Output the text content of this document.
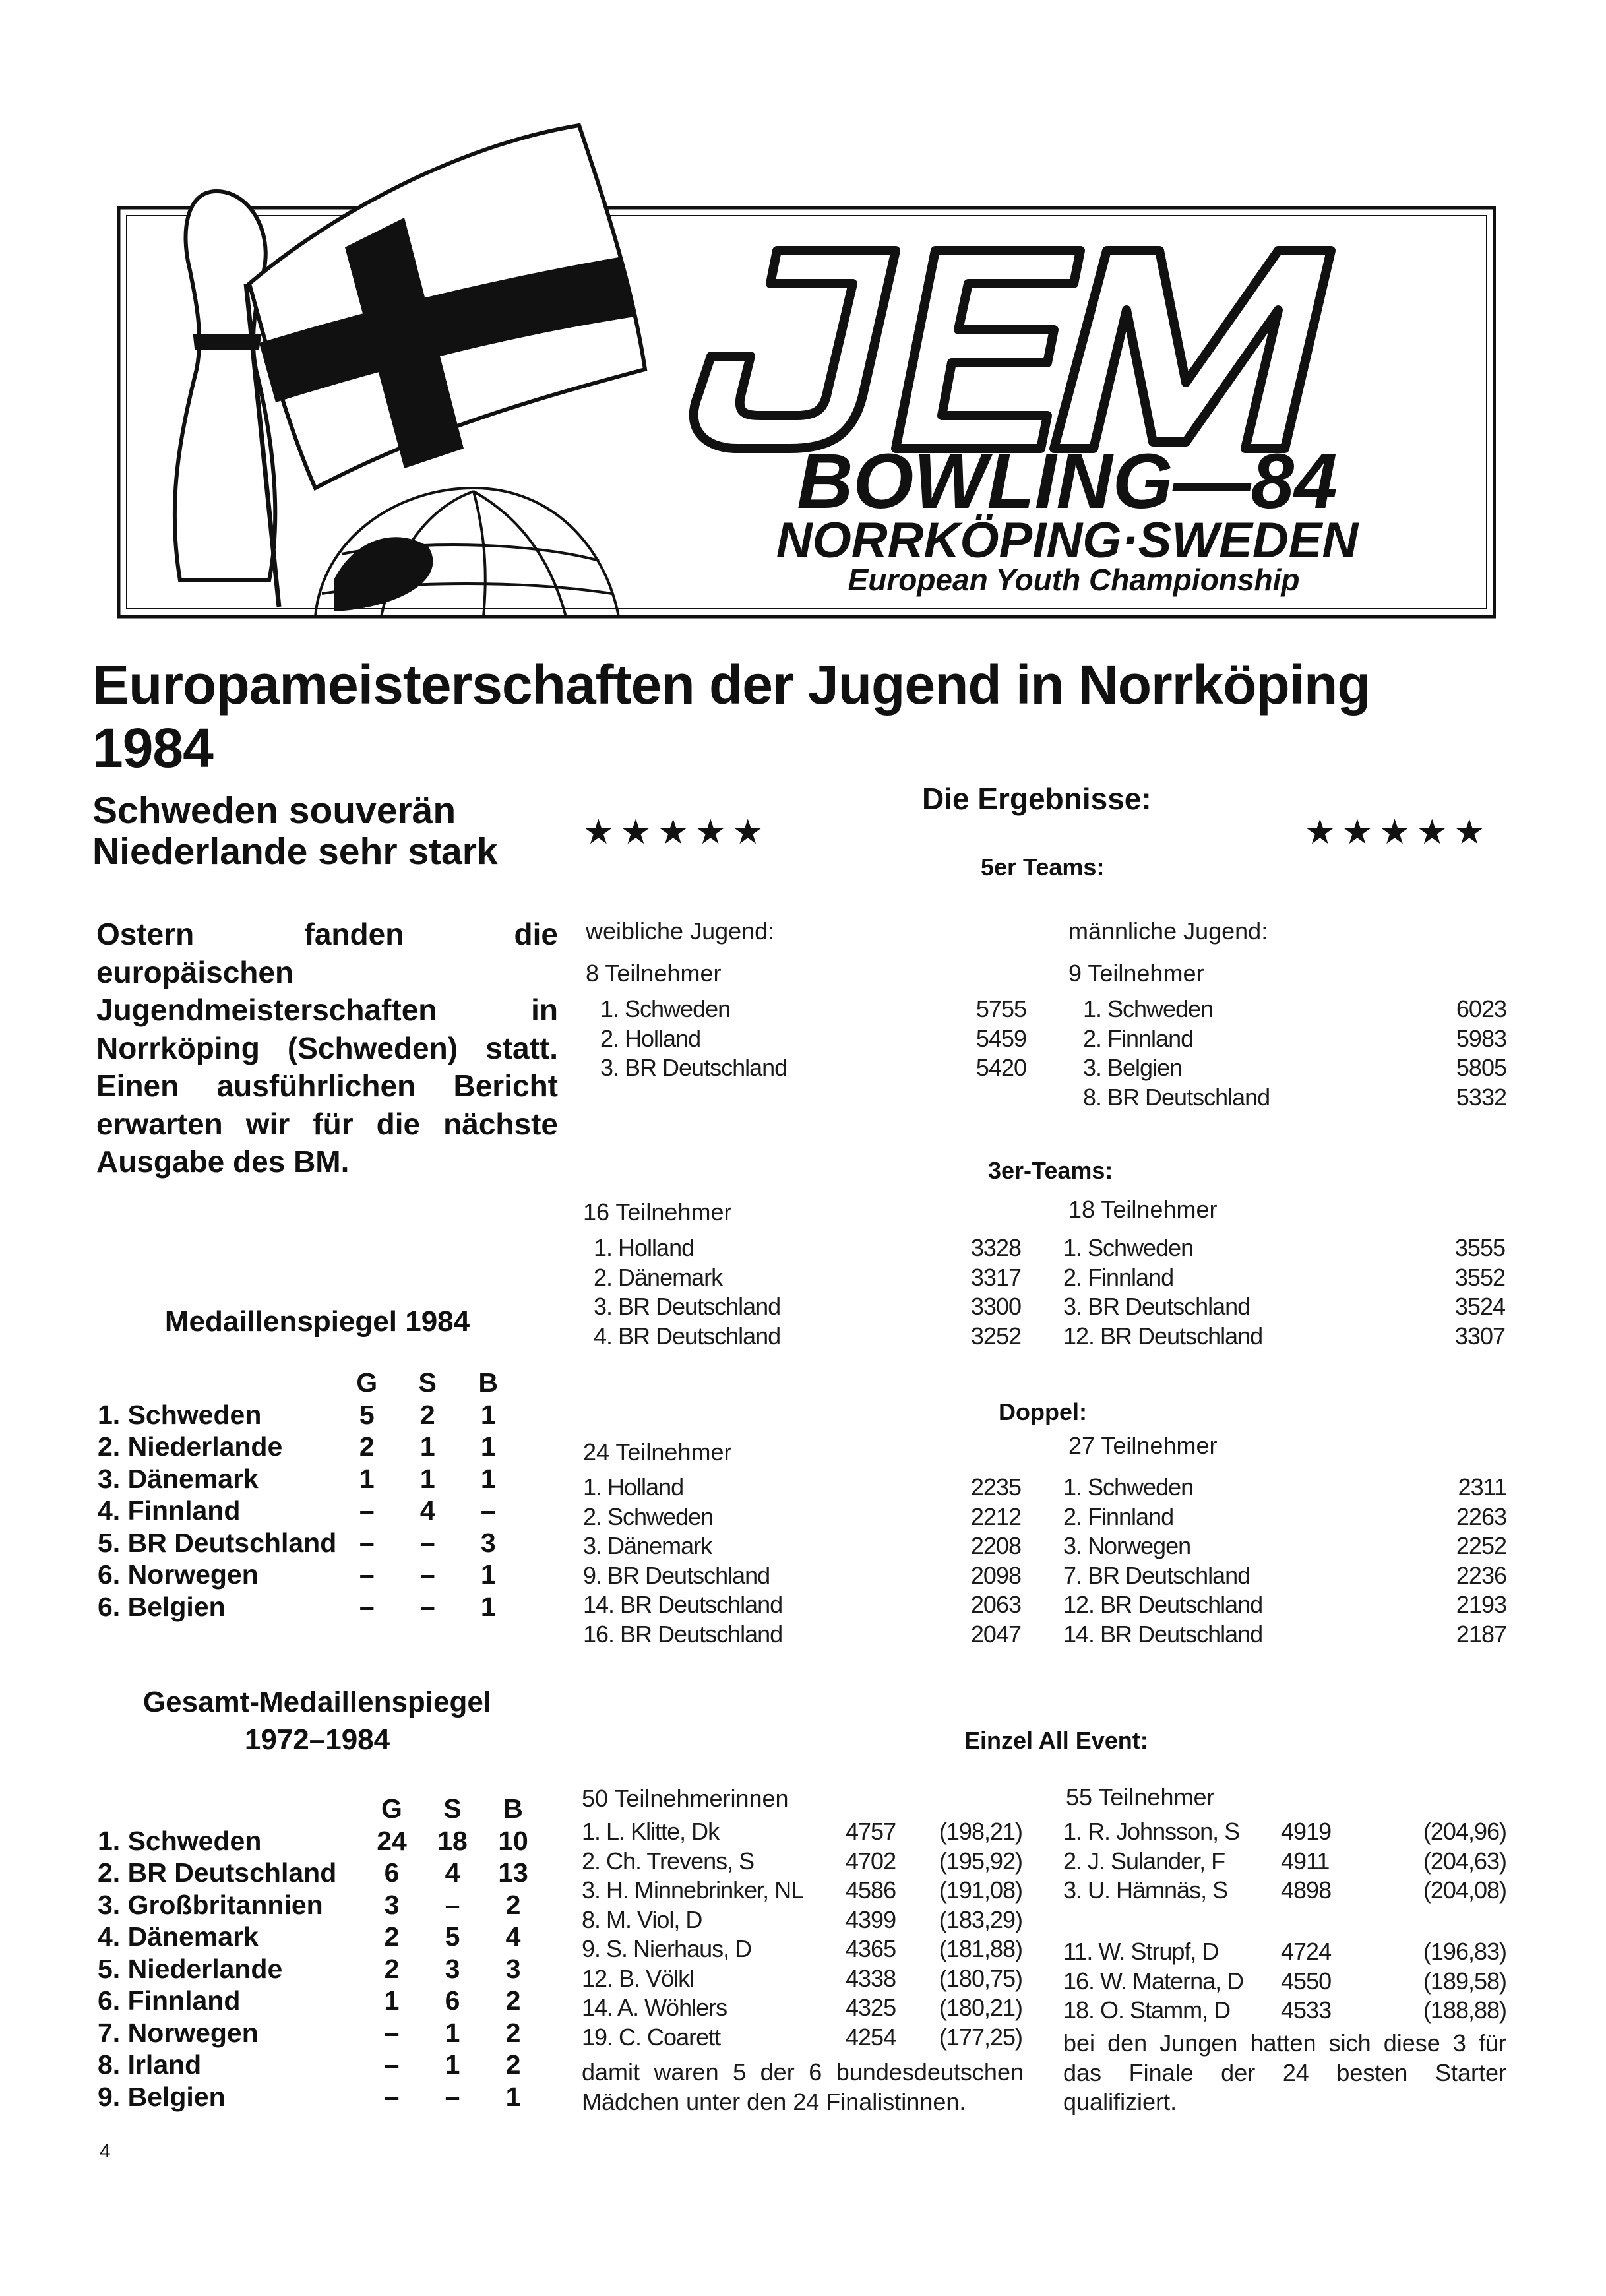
BOWLING—84
NORRKÖPING·SWEDEN
European Youth Championship
Europameisterschaften der Jugend in Norrköping
1984
Schweden souverän
Niederlande sehr stark ★★★★★	★★★★★
Die Ergebnisse:
Ostern fanden die europäischen Jugendmeisterschaften in Norrköping (Schweden) statt. Einen ausführlichen Bericht erwarten wir für die nächste Ausgabe des BM.
Medaillenspiegel 1984
	G	S	B
1. Schweden	5	2	1
2. Niederlande	2	1	1
3. Dänemark	1	1	1
4. Finnland	–	4	–
5. BR Deutschland	–	–	3
6. Norwegen	–	–	1
6. Belgien	–	–	1
Gesamt-Medaillenspiegel
1972–1984
	G	S	B
1. Schweden	24	18	10
2. BR Deutschland	6	4	13
3. Großbritannien	3	–	2
4. Dänemark	2	5	4
5. Niederlande	2	3	3
6. Finnland	1	6	2
7. Norwegen	–	1	2
8. Irland	–	1	2
9. Belgien	–	–	1
5er Teams:
weibliche Jugend:	männliche Jugend:
8 Teilnehmer	9 Teilnehmer
1. Schweden	5755
2. Holland	5459
3. BR Deutschland	5420
1. Schweden	6023
2. Finnland	5983
3. Belgien	5805
8. BR Deutschland	5332
3er-Teams:
16 Teilnehmer	18 Teilnehmer
1. Holland	3328
2. Dänemark	3317
3. BR Deutschland	3300
4. BR Deutschland	3252
1. Schweden	3555
2. Finnland	3552
3. BR Deutschland	3524
12. BR Deutschland	3307
Doppel:
24 Teilnehmer	27 Teilnehmer
1. Holland	2235
2. Schweden	2212
3. Dänemark	2208
9. BR Deutschland	2098
14. BR Deutschland	2063
16. BR Deutschland	2047
1. Schweden	2311
2. Finnland	2263
3. Norwegen	2252
7. BR Deutschland	2236
12. BR Deutschland	2193
14. BR Deutschland	2187
Einzel All Event:
50 Teilnehmerinnen	55 Teilnehmer
1. L. Klitte, Dk	4757 (198,21)
2. Ch. Trevens, S	4702 (195,92)
3. H. Minnebrinker, NL 4586 (191,08)
8. M. Viol, D	4399 (183,29)
9. S. Nierhaus, D	4365 (181,88)
12. B. Völkl	4338 (180,75)
14. A. Wöhlers	4325 (180,21)
19. C. Coarett	4254 (177,25)
1. R. Johnsson, S 4919	(204,96)
2. J. Sulander, F 4911	(204,63)
3. U. Hämnäs, S 4898	(204,08)
11. W. Strupf, D	4724	(196,83)
16. W. Materna, D 4550	(189,58)
18. O. Stamm, D 4533	(188,88)
damit waren 5 der 6 bundesdeutschen Mädchen unter den 24 Finalistinnen.
bei den Jungen hatten sich diese 3 für das Finale der 24 besten Starter qualifiziert.
4
